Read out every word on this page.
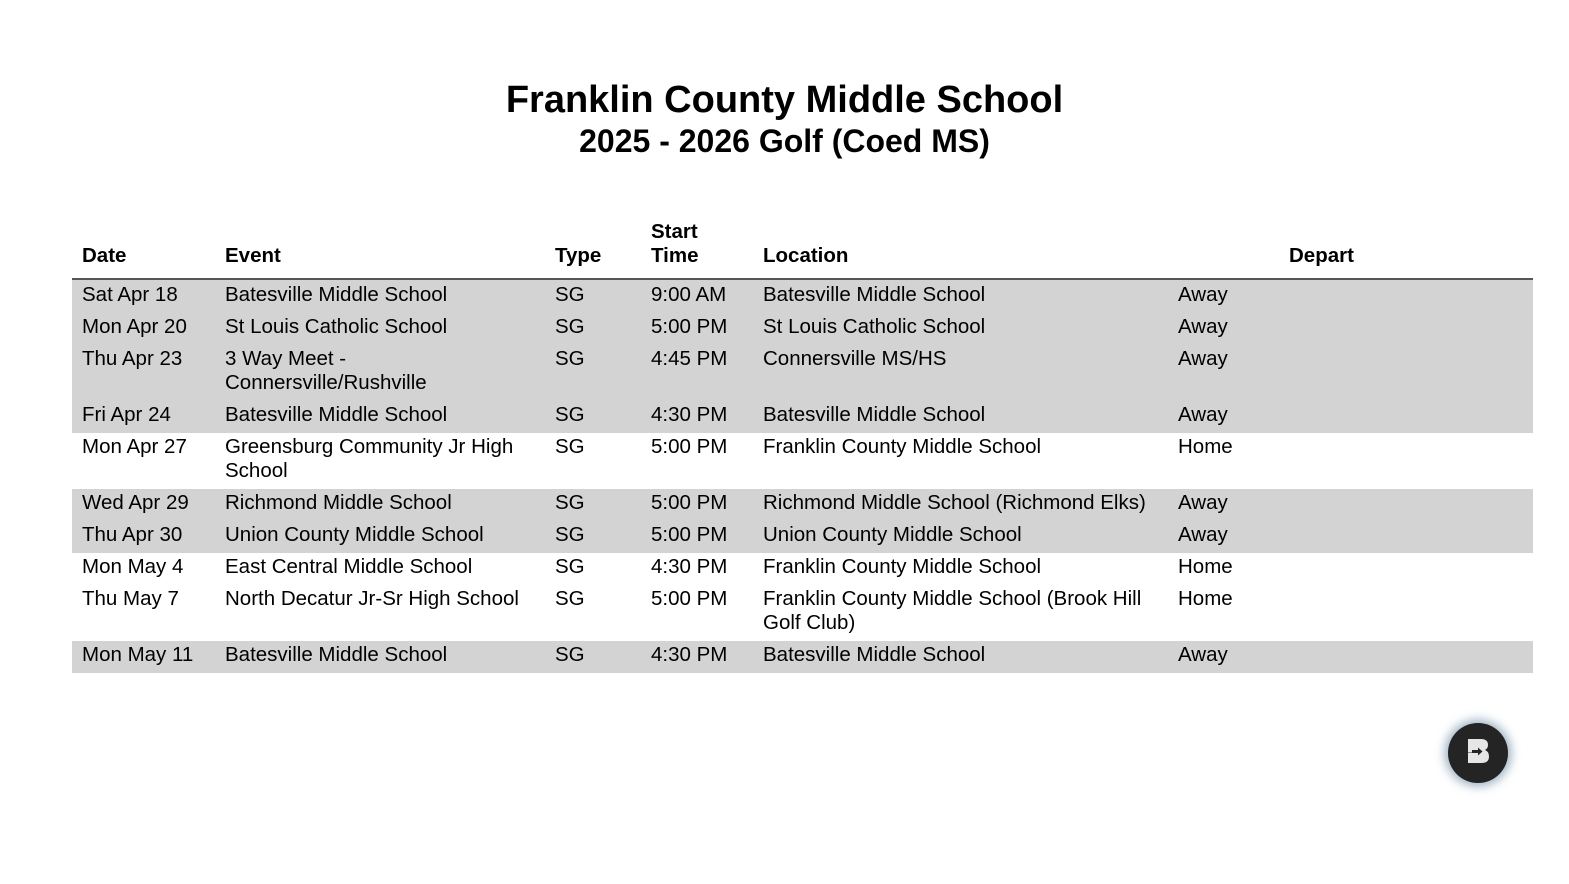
Franklin County Middle School
2025 - 2026 Golf (Coed MS)
Date	Event	Type	Start Time	Location		Depart
Sat Apr 18	Batesville Middle School	SG	9:00 AM	Batesville Middle School	Away	
Mon Apr 20	St Louis Catholic School	SG	5:00 PM	St Louis Catholic School	Away	
Thu Apr 23	3 Way Meet - Connersville/Rushville	SG	4:45 PM	Connersville MS/HS	Away	
Fri Apr 24	Batesville Middle School	SG	4:30 PM	Batesville Middle School	Away	
Mon Apr 27	Greensburg Community Jr High School	SG	5:00 PM	Franklin County Middle School	Home	
Wed Apr 29	Richmond Middle School	SG	5:00 PM	Richmond Middle School (Richmond Elks)	Away	
Thu Apr 30	Union County Middle School	SG	5:00 PM	Union County Middle School	Away	
Mon May 4	East Central Middle School	SG	4:30 PM	Franklin County Middle School	Home	
Thu May 7	North Decatur Jr-Sr High School	SG	5:00 PM	Franklin County Middle School (Brook Hill Golf Club)	Home	
Mon May 11	Batesville Middle School	SG	4:30 PM	Batesville Middle School	Away	
